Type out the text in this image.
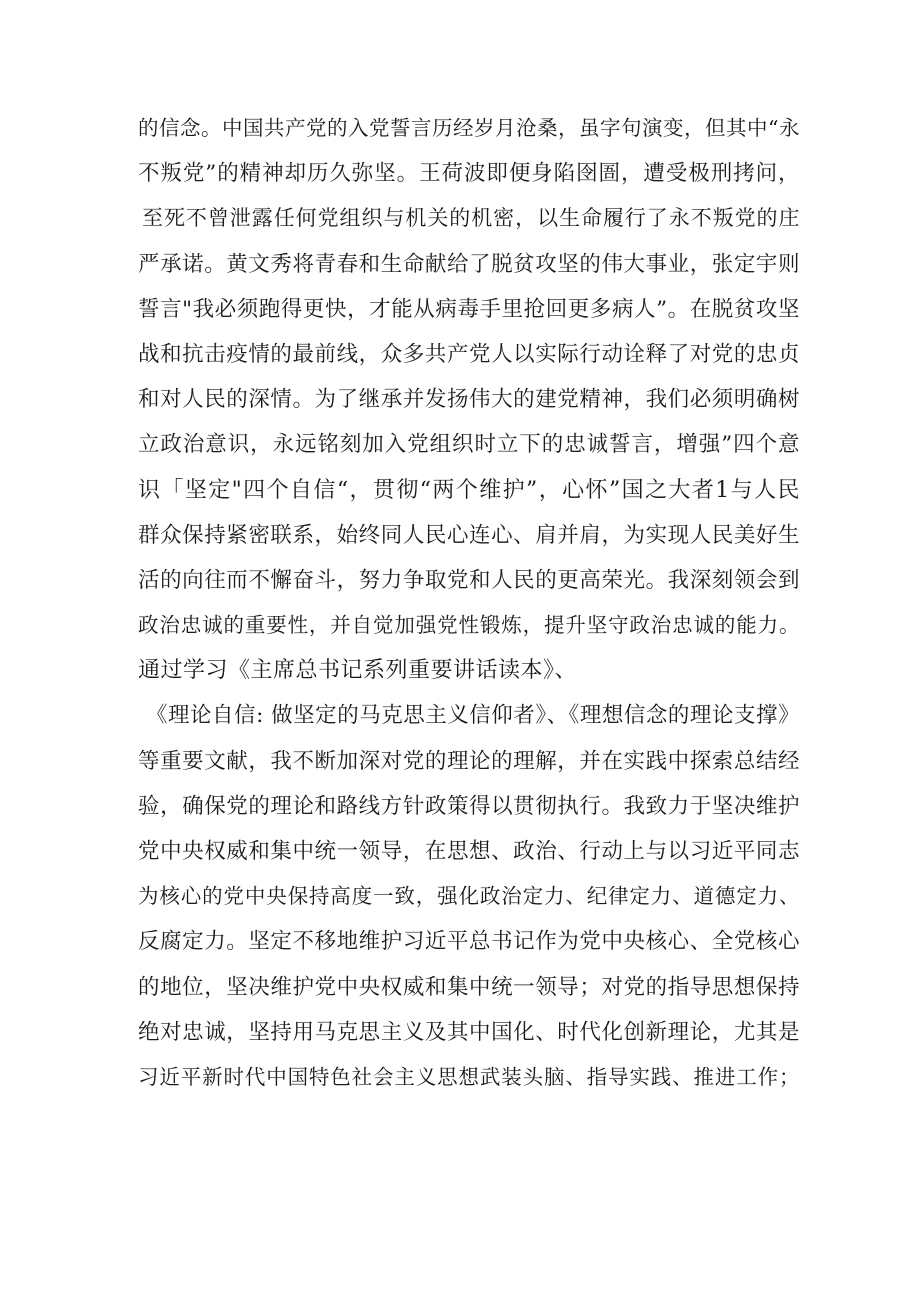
的信念。中国共产党的入党誓言历经岁月沧桑，虽字句演变，但其中“永
不叛党”的精神却历久弥坚。王荷波即便身陷囹圄，遭受极刑拷问，
至死不曾泄露任何党组织与机关的机密，以生命履行了永不叛党的庄
严承诺。黄文秀将青春和生命献给了脱贫攻坚的伟大事业，张定宇则
誓言"我必须跑得更快，才能从病毒手里抢回更多病人”。在脱贫攻坚
战和抗击疫情的最前线，众多共产党人以实际行动诠释了对党的忠贞
和对人民的深情。为了继承并发扬伟大的建党精神，我们必须明确树
立政治意识，永远铭刻加入党组织时立下的忠诚誓言，增强”四个意
识「坚定"四个自信“，贯彻“两个维护”，心怀”国之大者1与人民
群众保持紧密联系，始终同人民心连心、肩并肩，为实现人民美好生
活的向往而不懈奋斗，努力争取党和人民的更高荣光。我深刻领会到
政治忠诚的重要性，并自觉加强党性锻炼，提升坚守政治忠诚的能力。
通过学习《主席总书记系列重要讲话读本》、
《理论自信: 做坚定的马克思主义信仰者》、《理想信念的理论支撑》
等重要文献，我不断加深对党的理论的理解，并在实践中探索总结经
验，确保党的理论和路线方针政策得以贯彻执行。我致力于坚决维护
党中央权威和集中统一领导，在思想、政治、行动上与以习近平同志
为核心的党中央保持高度一致，强化政治定力、纪律定力、道德定力、
反腐定力。坚定不移地维护习近平总书记作为党中央核心、全党核心
的地位，坚决维护党中央权威和集中统一领导；对党的指导思想保持
绝对忠诚，坚持用马克思主义及其中国化、时代化创新理论，尤其是
习近平新时代中国特色社会主义思想武装头脑、指导实践、推进工作；
